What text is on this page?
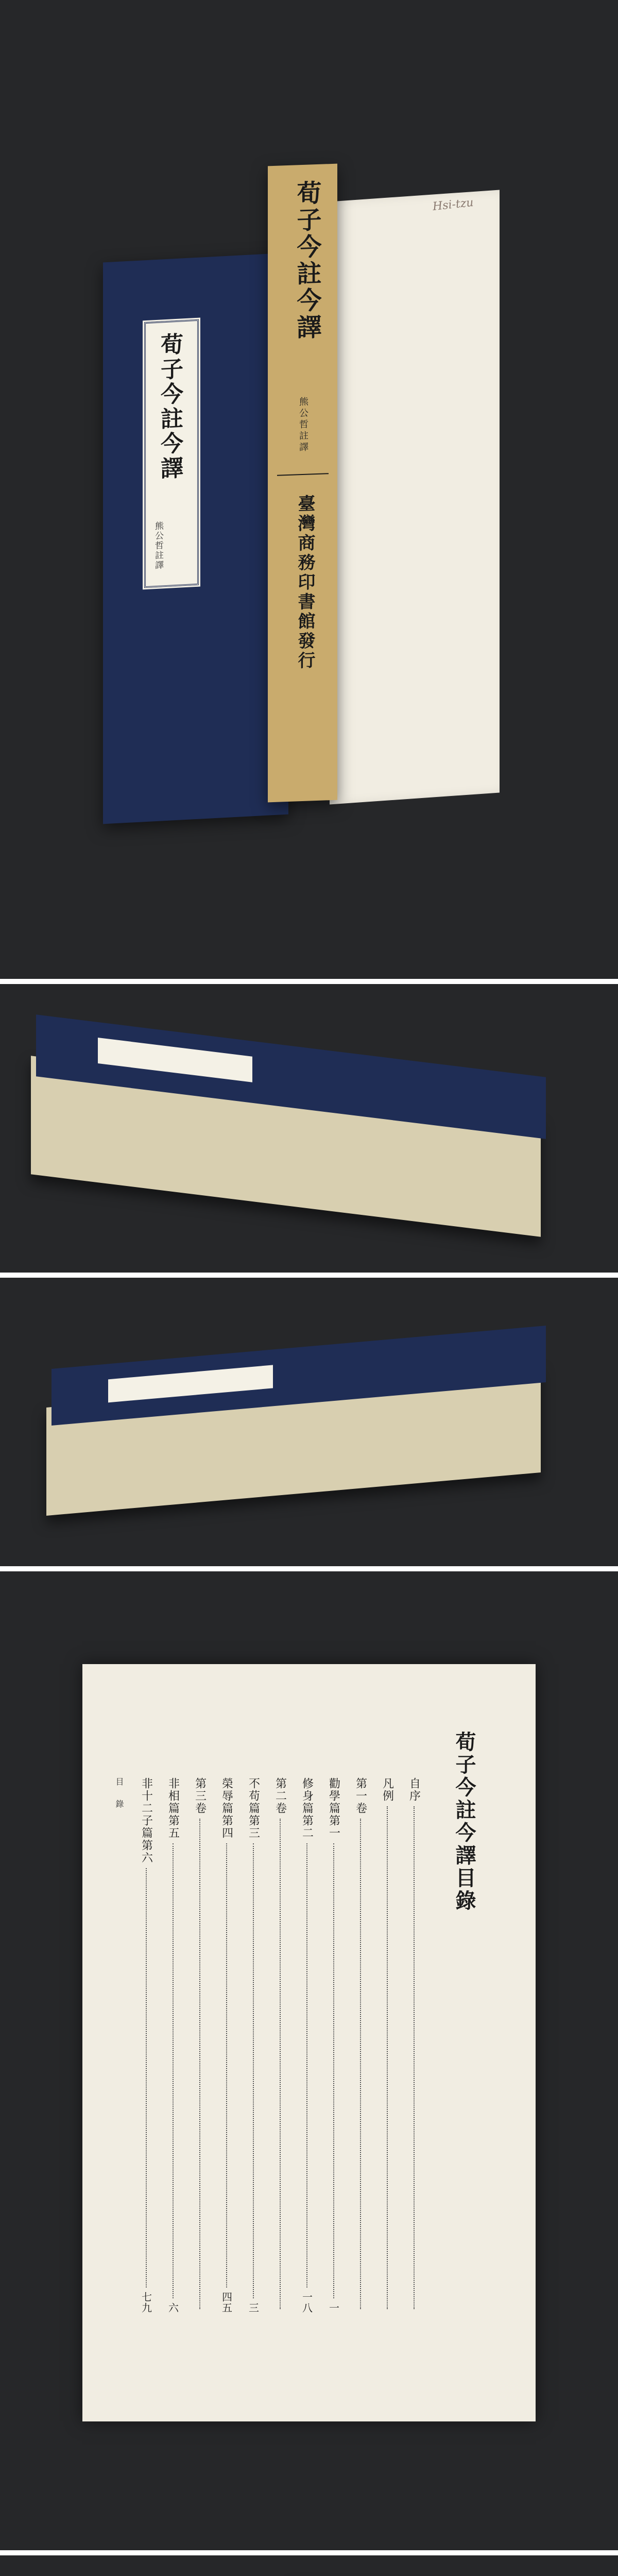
Hsi-tzu
荀子今註今譯
熊公哲註譯
荀子今註今譯
熊公哲註譯
臺灣商務印書館發行
荀子今註今譯目錄
自序
凡例
第一卷
勸學篇第一
一
修身篇第二
一八
第二卷
不苟篇第三
三
榮辱篇第四
四五
第三卷
非相篇第五
六
非十二子篇第六
七九
目 錄
